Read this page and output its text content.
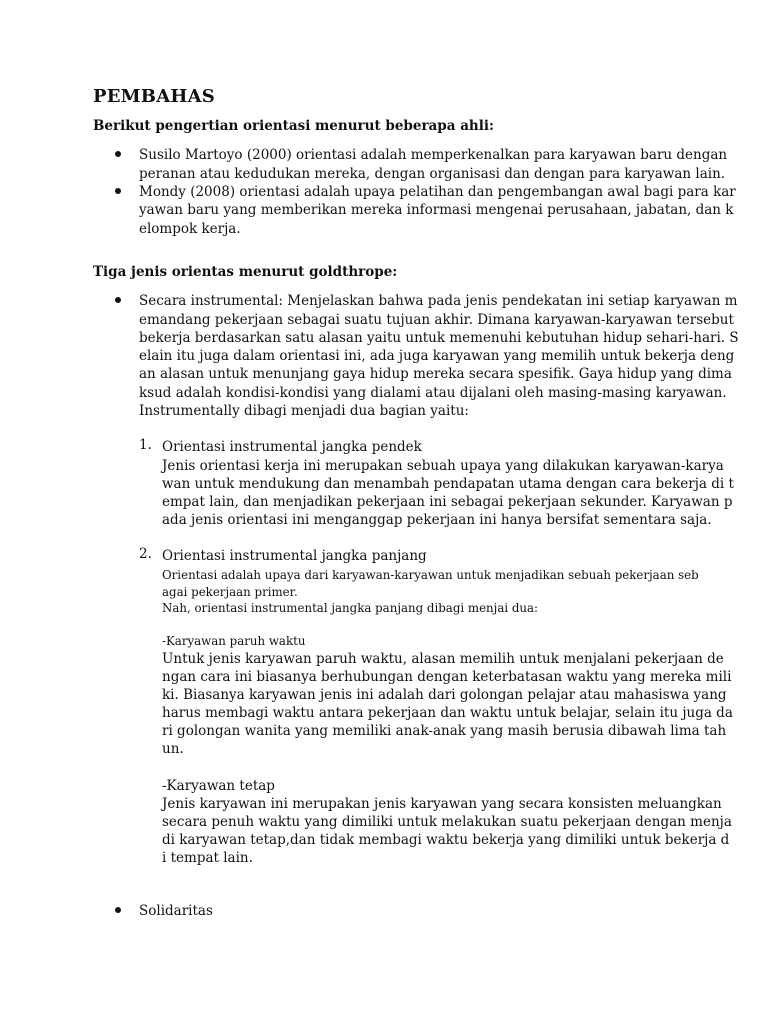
PEMBAHAS
Berikut pengertian orientasi menurut beberapa ahli:
Susilo Martoyo (2000) orientasi adalah memperkenalkan para karyawan baru dengan
peranan atau kedudukan mereka, dengan organisasi dan dengan para karyawan lain.
Mondy (2008) orientasi adalah upaya pelatihan dan pengembangan awal bagi para kar
yawan baru yang memberikan mereka informasi mengenai perusahaan, jabatan, dan k
elompok kerja.
Tiga jenis orientas menurut goldthrope:
Secara instrumental: Menjelaskan bahwa pada jenis pendekatan ini setiap karyawan m
emandang pekerjaan sebagai suatu tujuan akhir. Dimana karyawan-karyawan tersebut
bekerja berdasarkan satu alasan yaitu untuk memenuhi kebutuhan hidup sehari-hari. S
elain itu juga dalam orientasi ini, ada juga karyawan yang memilih untuk bekerja deng
an alasan untuk menunjang gaya hidup mereka secara spesifik. Gaya hidup yang dima
ksud adalah kondisi-kondisi yang dialami atau dijalani oleh masing-masing karyawan.
Instrumentally dibagi menjadi dua bagian yaitu:
1. Orientasi instrumental jangka pendek
Jenis orientasi kerja ini merupakan sebuah upaya yang dilakukan karyawan-karya
wan untuk mendukung dan menambah pendapatan utama dengan cara bekerja di t
empat lain, dan menjadikan pekerjaan ini sebagai pekerjaan sekunder. Karyawan p
ada jenis orientasi ini menganggap pekerjaan ini hanya bersifat sementara saja.
2. Orientasi instrumental jangka panjang
Orientasi adalah upaya dari karyawan-karyawan untuk menjadikan sebuah pekerjaan seb
agai pekerjaan primer.
Nah, orientasi instrumental jangka panjang dibagi menjai dua:
-Karyawan paruh waktu
Untuk jenis karyawan paruh waktu, alasan memilih untuk menjalani pekerjaan de
ngan cara ini biasanya berhubungan dengan keterbatasan waktu yang mereka mili
ki. Biasanya karyawan jenis ini adalah dari golongan pelajar atau mahasiswa yang
harus membagi waktu antara pekerjaan dan waktu untuk belajar, selain itu juga da
ri golongan wanita yang memiliki anak-anak yang masih berusia dibawah lima tah
un.
-Karyawan tetap
Jenis karyawan ini merupakan jenis karyawan yang secara konsisten meluangkan
secara penuh waktu yang dimiliki untuk melakukan suatu pekerjaan dengan menja
di karyawan tetap,dan tidak membagi waktu bekerja yang dimiliki untuk bekerja d
i tempat lain.
Solidaritas
